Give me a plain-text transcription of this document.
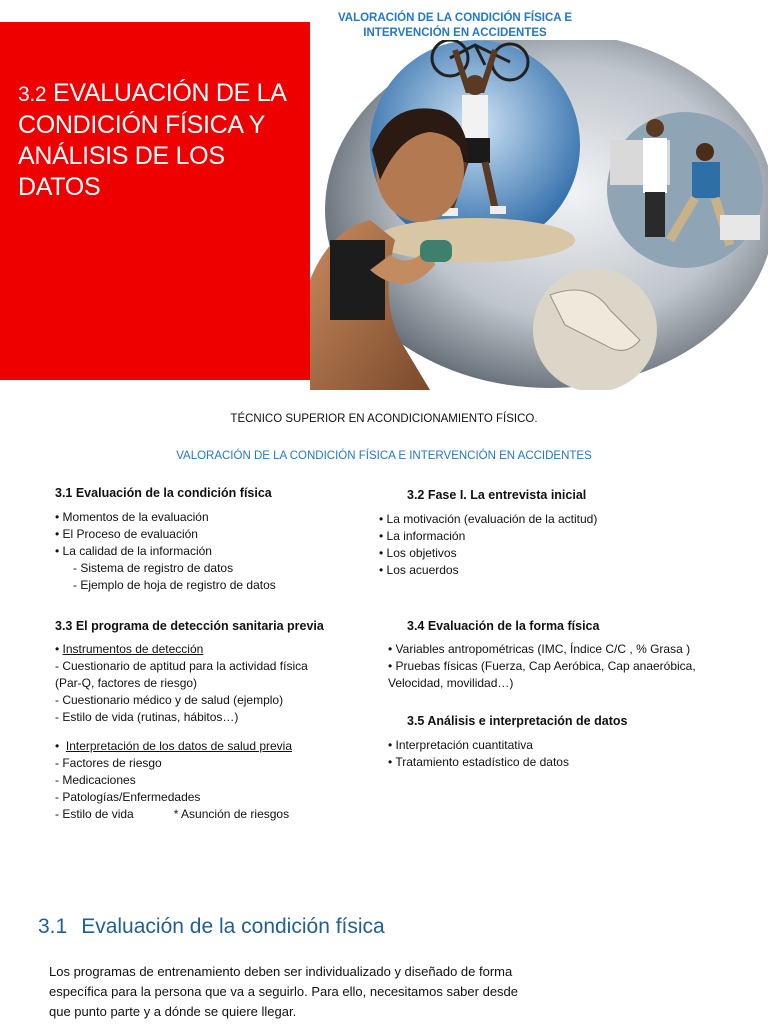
3.2 EVALUACIÓN DE LA CONDICIÓN FÍSICA Y ANÁLISIS DE LOS DATOS
VALORACIÓN DE LA CONDICIÓN FÍSICA E
INTERVENCIÓN EN ACCIDENTES
TÉCNICO SUPERIOR EN ACONDICIONAMIENTO FÍSICO.
VALORACIÓN DE LA CONDICIÓN FÍSICA E INTERVENCIÓN EN ACCIDENTES
3.1 Evaluación de la condición física
• Momentos de la evaluación
• El Proceso de evaluación
• La calidad de la información
- Sistema de registro de datos
- Ejemplo de hoja de registro de datos
3.2 Fase I. La entrevista inicial
• La motivación (evaluación de la actitud)
• La información
• Los objetivos
• Los acuerdos
3.3 El programa de detección sanitaria previa
• Instrumentos de detección
- Cuestionario de aptitud para la actividad física
(Par-Q, factores de riesgo)
- Cuestionario médico y de salud (ejemplo)
- Estilo de vida (rutinas, hábitos…)
•  Interpretación de los datos de salud previa
- Factores de riesgo
- Medicaciones
- Patologías/Enfermedades
- Estilo de vida	* Asunción de riesgos
3.4 Evaluación de la forma física
• Variables antropométricas (IMC, Índice C/C , % Grasa )
• Pruebas físicas (Fuerza, Cap Aeróbica, Cap anaeróbica,
Velocidad, movilidad…)
3.5 Análisis e interpretación de datos
• Interpretación cuantitativa
• Tratamiento estadístico de datos
3.1 Evaluación de la condición física
Los programas de entrenamiento deben ser individualizado y diseñado de forma
específica para la persona que va a seguirlo. Para ello, necesitamos saber desde
que punto parte y a dónde se quiere llegar.
